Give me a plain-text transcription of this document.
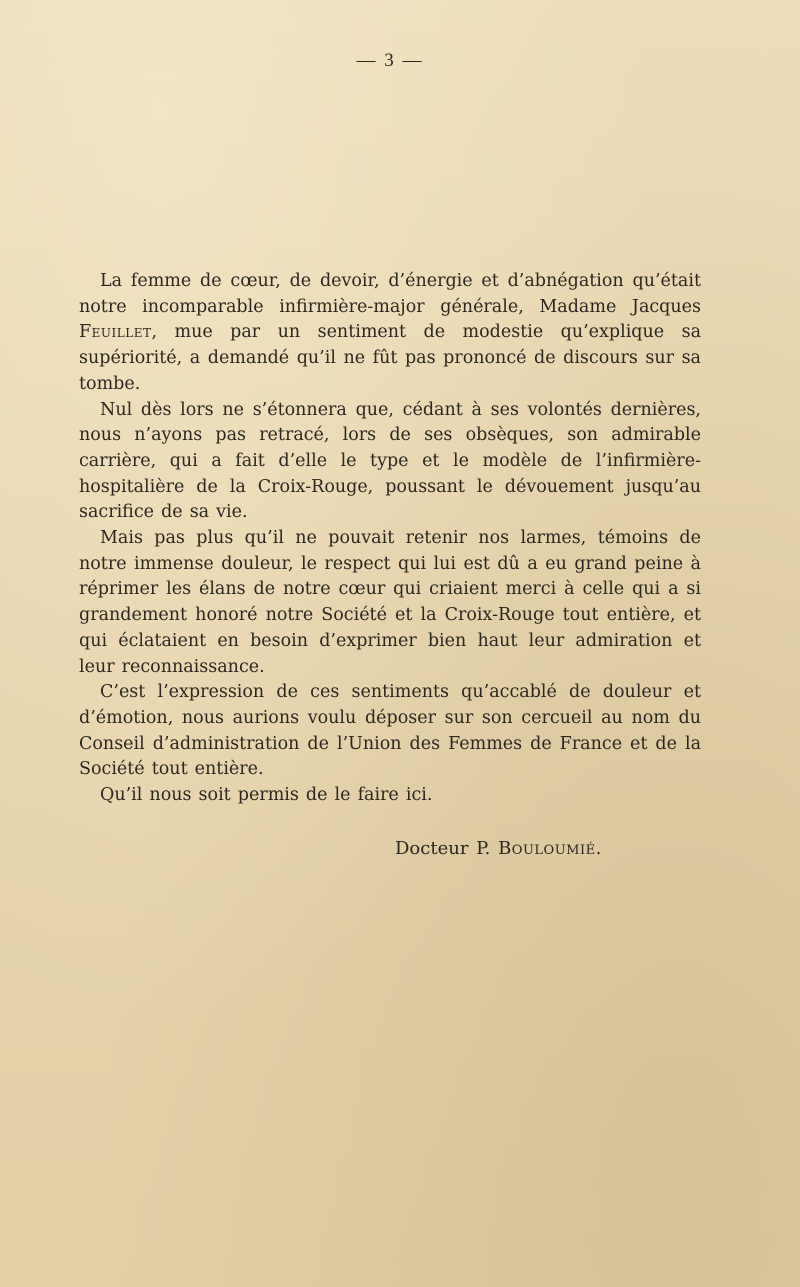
— 3 —

La femme de cœur, de devoir, d’énergie et d’abnégation qu’était notre incomparable infirmière-major générale, Madame Jacques Feuillet, mue par un sentiment de modestie qu’explique sa supériorité, a demandé qu’il ne fût pas prononcé de discours sur sa tombe.

Nul dès lors ne s’étonnera que, cédant à ses volontés dernières, nous n’ayons pas retracé, lors de ses obsèques, son admirable carrière, qui a fait d’elle le type et le modèle de l’infirmière-hospitalière de la Croix-Rouge, poussant le dévouement jusqu’au sacrifice de sa vie.

Mais pas plus qu’il ne pouvait retenir nos larmes, témoins de notre immense douleur, le respect qui lui est dû a eu grand peine à réprimer les élans de notre cœur qui criaient merci à celle qui a si grandement honoré notre Société et la Croix-Rouge tout entière, et qui éclataient en besoin d’exprimer bien haut leur admiration et leur reconnaissance.

C’est l’expression de ces sentiments qu’accablé de douleur et d’émotion, nous aurions voulu déposer sur son cercueil au nom du Conseil d’administration de l’Union des Femmes de France et de la Société tout entière.

Qu’il nous soit permis de le faire ici.

Docteur P. Bouloumié.
